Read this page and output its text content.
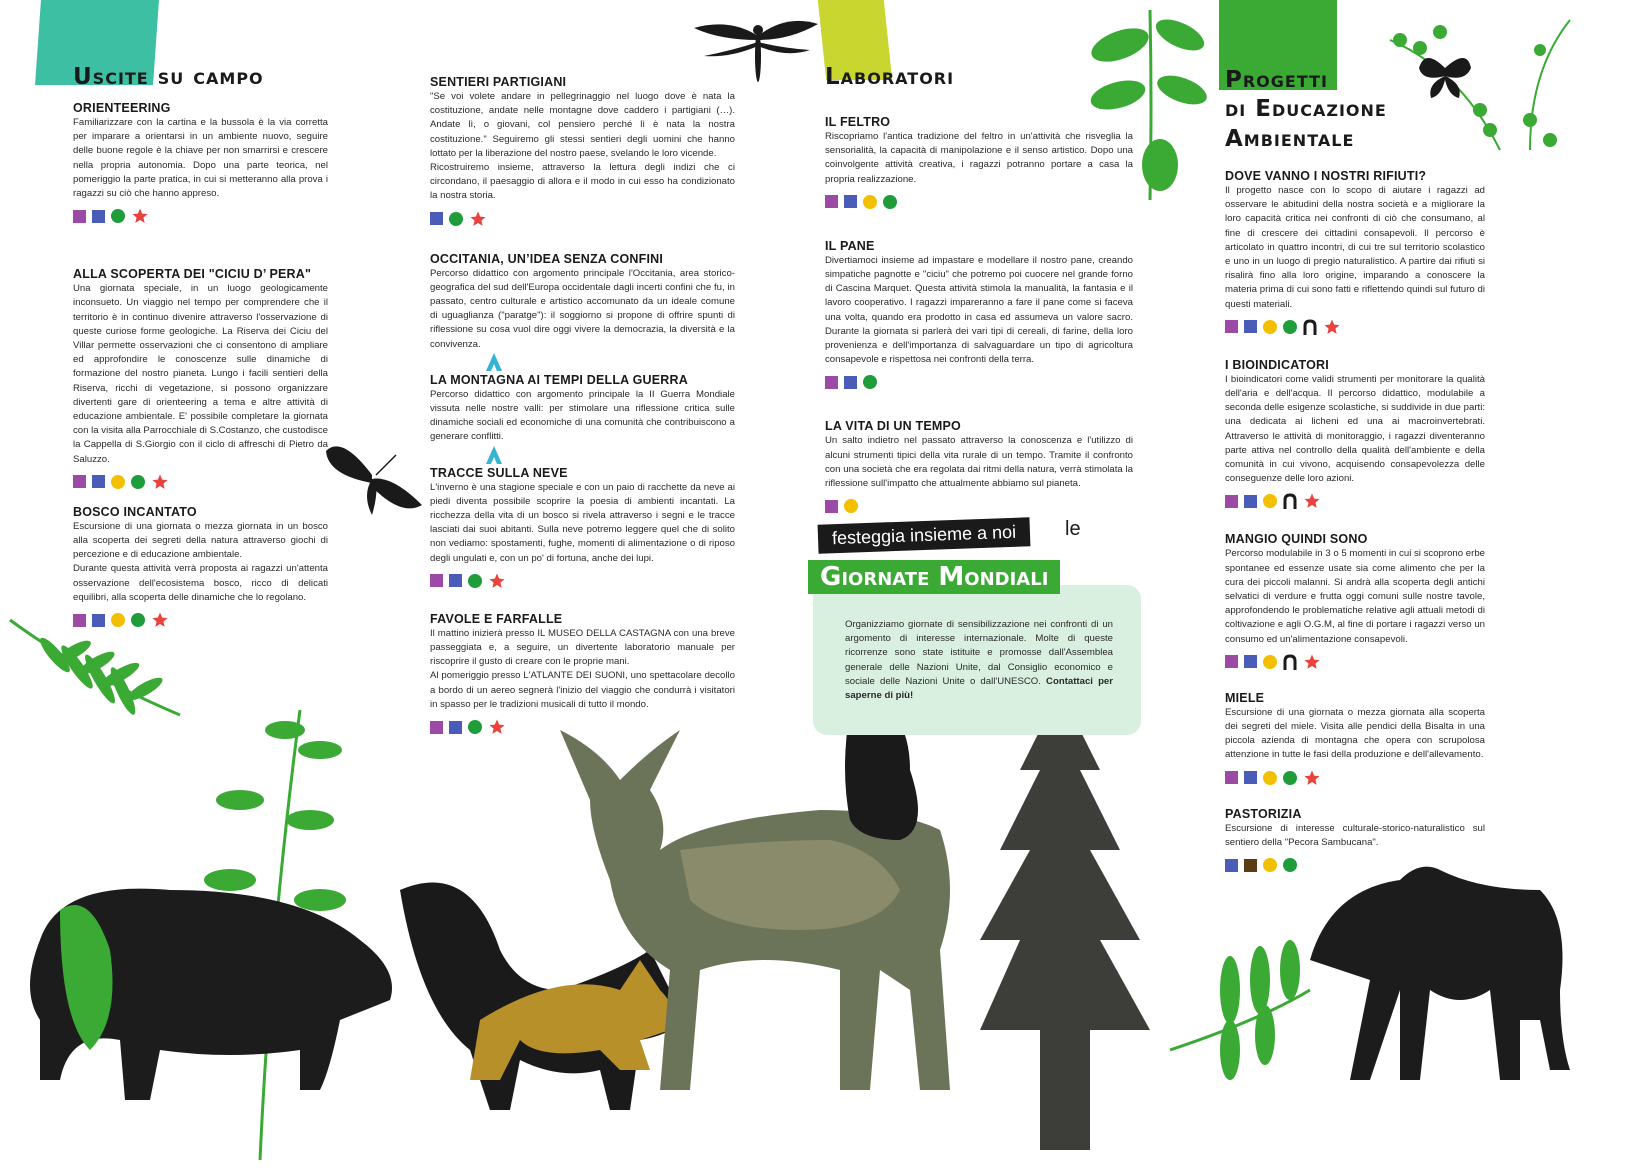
Uscite su campo
ORIENTEERING

Familiarizzare con la cartina e la bussola è la via corretta per imparare a orientarsi in un ambiente nuovo, seguire delle buone regole è la chiave per non smarrirsi e crescere nella propria autonomia. Dopo una parte teorica, nel pomeriggio la parte pratica, in cui si metteranno alla prova i ragazzi su ciò che hanno appreso.

ALLA SCOPERTA DEI "CICIU D’ PERA"

Una giornata speciale, in un luogo geologicamente inconsueto. Un viaggio nel tempo per comprendere che il territorio è in continuo divenire attraverso l'osservazione di queste curiose forme geologiche. La Riserva dei Ciciu del Villar permette osservazioni che ci consentono di ampliare ed approfondire le conoscenze sulle dinamiche di formazione del nostro pianeta. Lungo i facili sentieri della Riserva, ricchi di vegetazione, si possono organizzare divertenti gare di orienteering a tema e altre attività di educazione ambientale. E' possibile completare la giornata con la visita alla Parrocchiale di S.Costanzo, che custodisce la Cappella di S.Giorgio con il ciclo di affreschi di Pietro da Saluzzo.

BOSCO INCANTATO

Escursione di una giornata o mezza giornata in un bosco alla scoperta dei segreti della natura attraverso giochi di percezione e di educazione ambientale.
Durante questa attività verrà proposta ai ragazzi un'attenta osservazione dell'ecosistema bosco, ricco di delicati equilibri, alla scoperta delle dinamiche che lo regolano.

SENTIERI PARTIGIANI

"Se voi volete andare in pellegrinaggio nel luogo dove è nata la costituzione, andate nelle montagne dove caddero i partigiani (…). Andate lì, o giovani, col pensiero perché lì è nata la nostra costituzione." Seguiremo gli stessi sentieri degli uomini che hanno lottato per la liberazione del nostro paese, svelando le loro vicende.
Ricostruiremo insieme, attraverso la lettura degli indizi che ci circondano, il paesaggio di allora e il modo in cui esso ha condizionato la nostra storia.

OCCITANIA, UN’IDEA SENZA CONFINI

Percorso didattico con argomento principale l'Occitania, area storico-geografica del sud dell'Europa occidentale dagli incerti confini che fu, in passato, centro culturale e artistico accomunato da un ideale comune di uguaglianza ("paratge"): il soggiorno si propone di offrire spunti di riflessione su cosa vuol dire oggi vivere la democrazia, la diversità e la convivenza.

LA MONTAGNA AI TEMPI DELLA GUERRA

Percorso didattico con argomento principale la II Guerra Mondiale vissuta nelle nostre valli: per stimolare una riflessione critica sulle dinamiche sociali ed economiche di una comunità che contribuiscono a generare conflitti.

TRACCE SULLA NEVE

L'inverno è una stagione speciale e con un paio di racchette da neve ai piedi diventa possibile scoprire la poesia di ambienti incantati. La ricchezza della vita di un bosco si rivela attraverso i segni e le tracce lasciati dai suoi abitanti. Sulla neve potremo leggere quel che di solito non vediamo: spostamenti, fughe, momenti di alimentazione o di riposo degli ungulati e, con un po' di fortuna, anche dei lupi.

FAVOLE E FARFALLE

Il mattino inizierà presso IL MUSEO DELLA CASTAGNA con una breve passeggiata e, a seguire, un divertente laboratorio manuale per riscoprire il gusto di creare con le proprie mani.
Al pomeriggio presso L'ATLANTE DEI SUONI, uno spettacolare decollo a bordo di un aereo segnerà l'inizio del viaggio che condurrà i visitatori in spasso per le tradizioni musicali di tutto il mondo.

Laboratori
IL FELTRO

Riscopriamo l'antica tradizione del feltro in un'attività che risveglia la sensorialità, la capacità di manipolazione e il senso artistico. Dopo una coinvolgente attività creativa, i ragazzi potranno portare a casa la propria realizzazione.

IL PANE

Divertiamoci insieme ad impastare e modellare il nostro pane, creando simpatiche pagnotte e "ciciu" che potremo poi cuocere nel grande forno di Cascina Marquet. Questa attività stimola la manualità, la fantasia e il lavoro cooperativo. I ragazzi impareranno a fare il pane come si faceva una volta, quando era prodotto in casa ed assumeva un valore sacro. Durante la giornata si parlerà dei vari tipi di cereali, di farine, della loro provenienza e dell'importanza di salvaguardare un tipo di agricoltura consapevole e rispettosa nei confronti della terra.

LA VITA DI UN TEMPO

Un salto indietro nel passato attraverso la conoscenza e l'utilizzo di alcuni strumenti tipici della vita rurale di un tempo. Tramite il confronto con una società che era regolata dai ritmi della natura, verrà stimolata la riflessione sull'impatto che attualmente abbiamo sul pianeta.

festeggia insieme a noi	le
Giornate Mondiali
Organizziamo giornate di sensibilizzazione nei confronti di un argomento di interesse internazionale. Molte di queste ricorrenze sono state istituite e promosse dall'Assemblea generale delle Nazioni Unite, dal Consiglio economico e sociale delle Nazioni Unite o dall'UNESCO. Contattaci per saperne di più!
Progetti
di Educazione
Ambientale
DOVE VANNO I NOSTRI RIFIUTI?

Il progetto nasce con lo scopo di aiutare i ragazzi ad osservare le abitudini della nostra società e a migliorare la loro capacità critica nei confronti di ciò che consumano, al fine di crescere dei cittadini consapevoli. Il percorso è articolato in quattro incontri, di cui tre sul territorio scolastico e uno in un luogo di pregio naturalistico. A partire dai rifiuti si risalirà fino alla loro origine, imparando a conoscere la materia prima di cui sono fatti e riflettendo quindi sul futuro di questi materiali.

I BIOINDICATORI

I bioindicatori come validi strumenti per monitorare la qualità dell'aria e dell'acqua. Il percorso didattico, modulabile a seconda delle esigenze scolastiche, si suddivide in due parti: una dedicata ai licheni ed una ai macroinvertebrati. Attraverso le attività di monitoraggio, i ragazzi diventeranno parte attiva nel controllo della qualità dell'ambiente e della comunità in cui vivono, acquisendo consapevolezza delle conseguenze delle loro azioni.

MANGIO QUINDI SONO

Percorso modulabile in 3 o 5 momenti in cui si scoprono erbe spontanee ed essenze usate sia come alimento che per la cura dei piccoli malanni. Si andrà alla scoperta degli antichi selvatici di verdure e frutta oggi comuni sulle nostre tavole, approfondendo le problematiche relative agli attuali metodi di coltivazione e agli O.G.M, al fine di portare i ragazzi verso un consumo ed un'alimentazione consapevoli.

MIELE

Escursione di una giornata o mezza giornata alla scoperta dei segreti del miele. Visita alle pendici della Bisalta in una piccola azienda di montagna che opera con scrupolosa attenzione in tutte le fasi della produzione e dell'allevamento.

PASTORIZIA

Escursione di interesse culturale-storico-naturalistico sul sentiero della "Pecora Sambucana".
